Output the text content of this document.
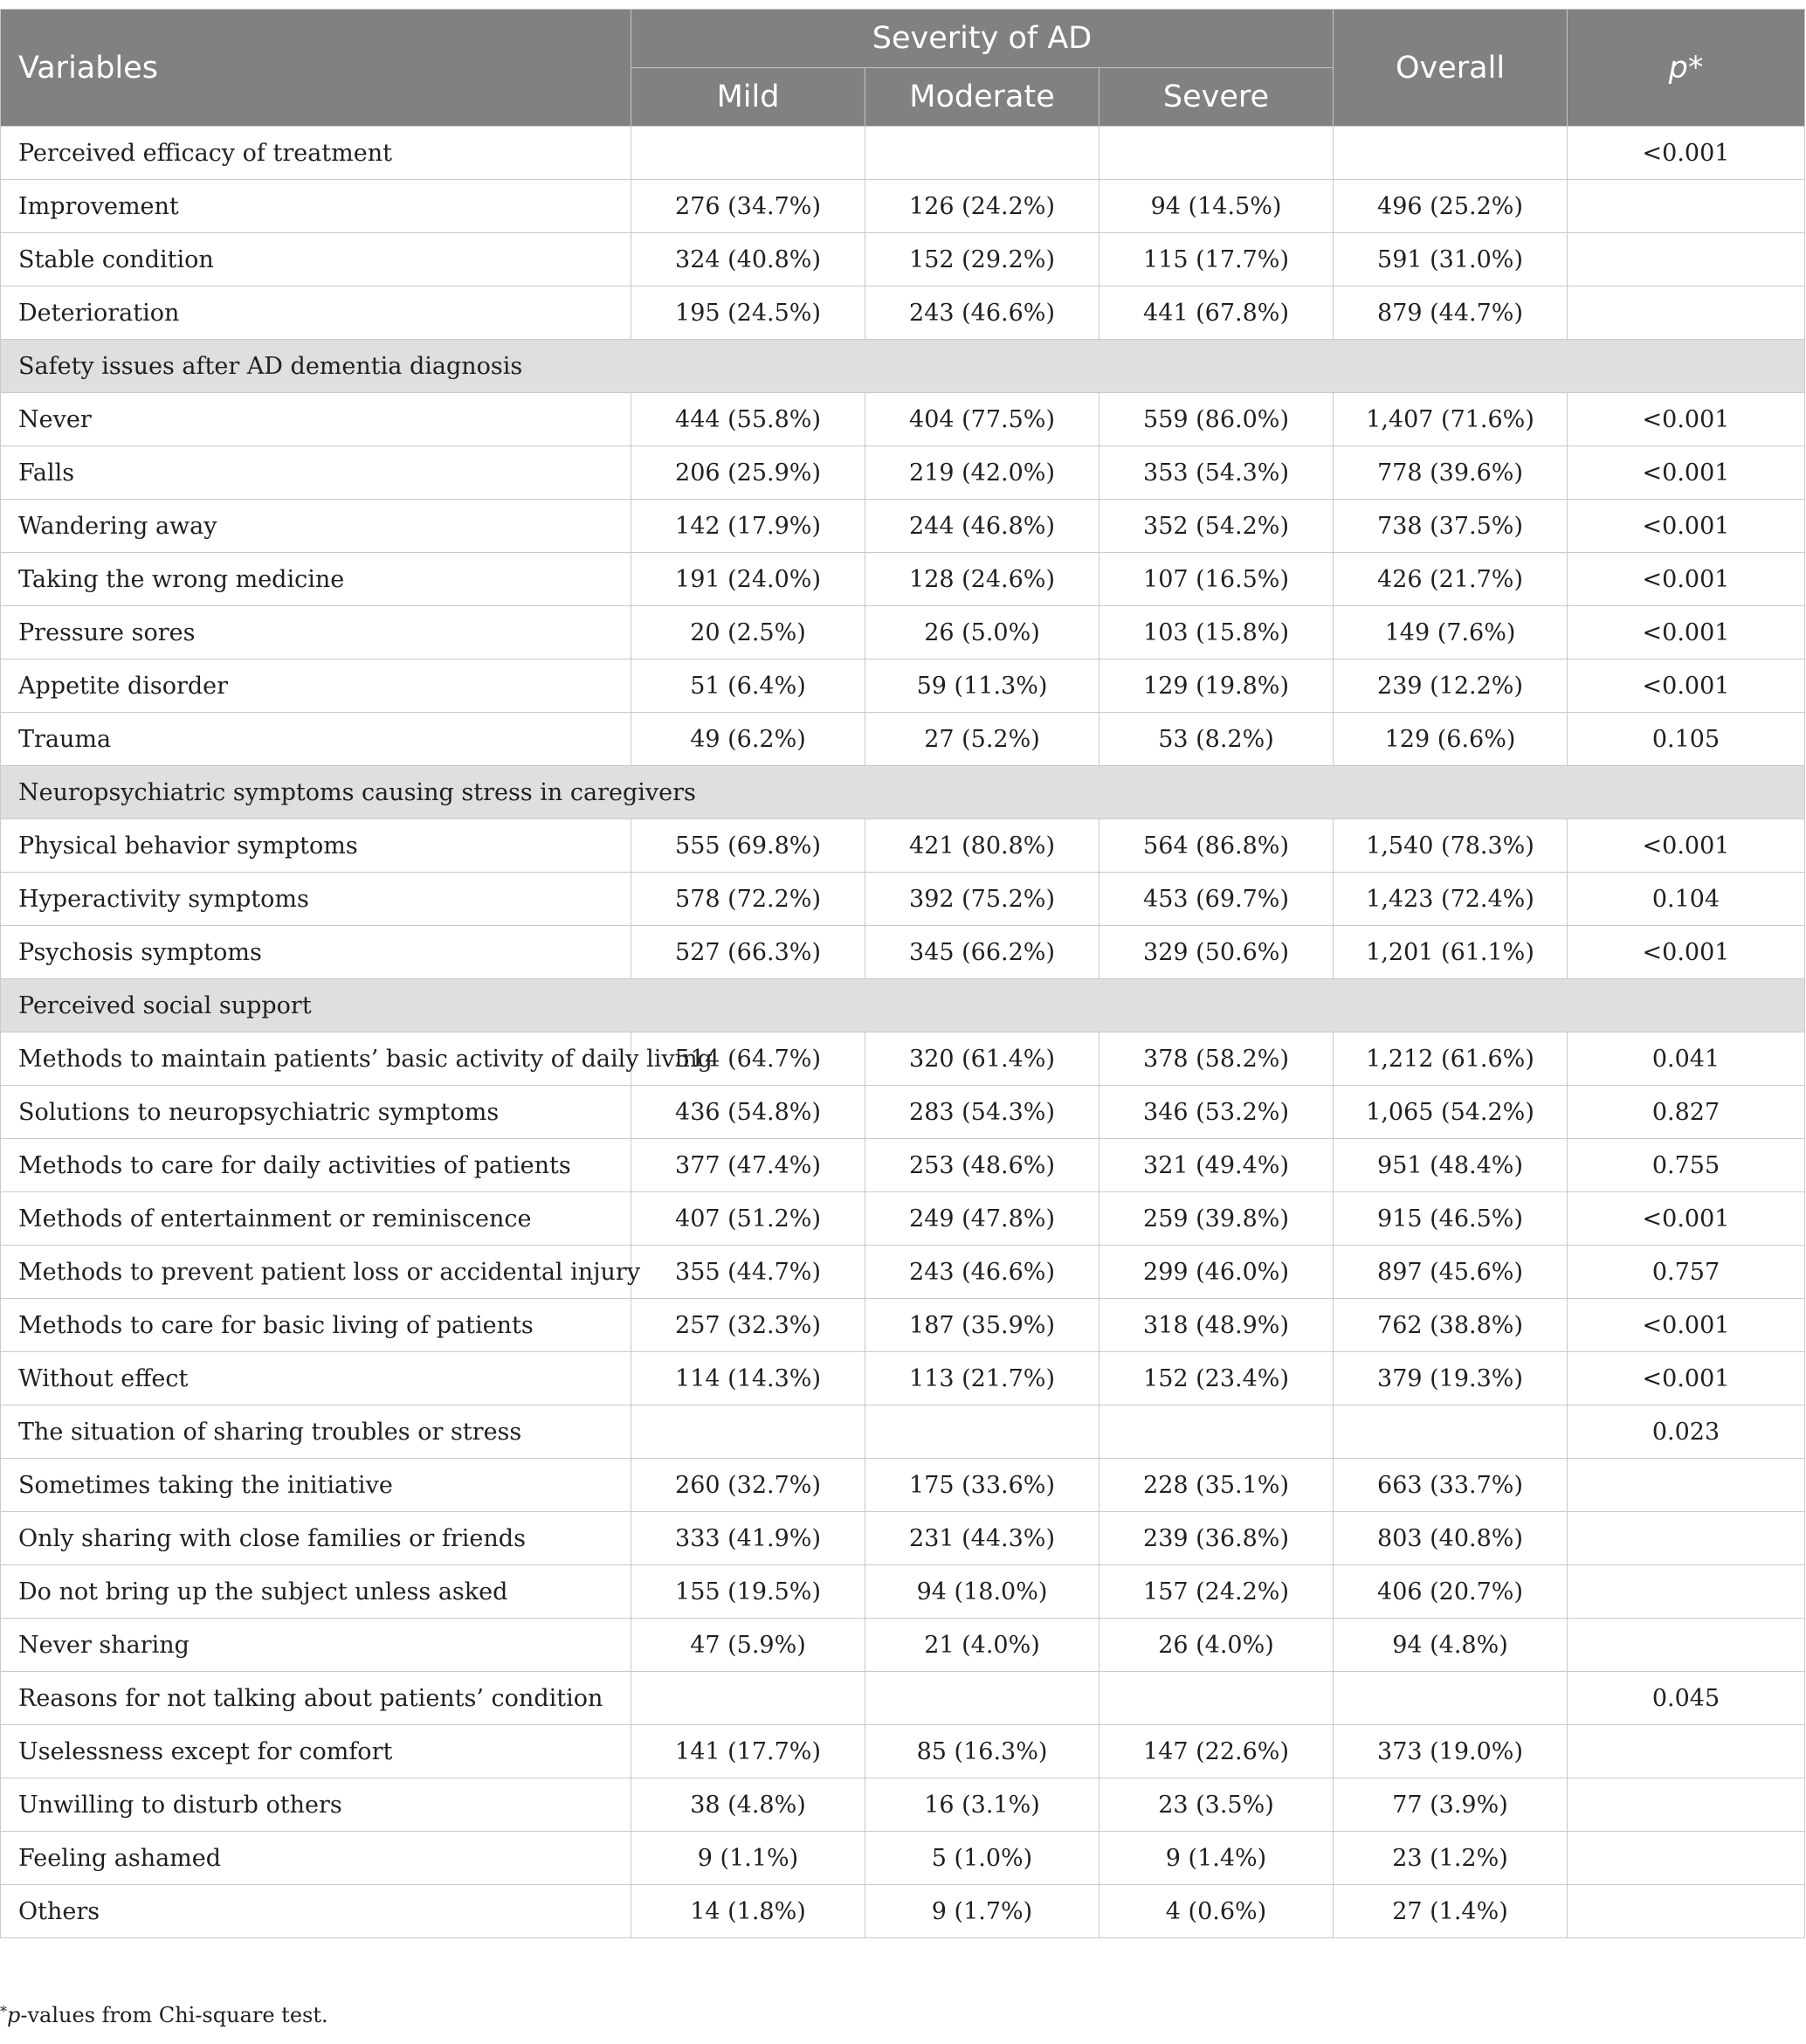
Variables	Severity of AD			Overall	p*
	Mild	Moderate	Severe		
Perceived efficacy of treatment					<0.001
Improvement	276 (34.7%)	126 (24.2%)	94 (14.5%)	496 (25.2%)	
Stable condition	324 (40.8%)	152 (29.2%)	115 (17.7%)	591 (31.0%)	
Deterioration	195 (24.5%)	243 (46.6%)	441 (67.8%)	879 (44.7%)	
Safety issues after AD dementia diagnosis					
Never	444 (55.8%)	404 (77.5%)	559 (86.0%)	1,407 (71.6%)	<0.001
Falls	206 (25.9%)	219 (42.0%)	353 (54.3%)	778 (39.6%)	<0.001
Wandering away	142 (17.9%)	244 (46.8%)	352 (54.2%)	738 (37.5%)	<0.001
Taking the wrong medicine	191 (24.0%)	128 (24.6%)	107 (16.5%)	426 (21.7%)	<0.001
Pressure sores	20 (2.5%)	26 (5.0%)	103 (15.8%)	149 (7.6%)	<0.001
Appetite disorder	51 (6.4%)	59 (11.3%)	129 (19.8%)	239 (12.2%)	<0.001
Trauma	49 (6.2%)	27 (5.2%)	53 (8.2%)	129 (6.6%)	0.105
Neuropsychiatric symptoms causing stress in caregivers					
Physical behavior symptoms	555 (69.8%)	421 (80.8%)	564 (86.8%)	1,540 (78.3%)	<0.001
Hyperactivity symptoms	578 (72.2%)	392 (75.2%)	453 (69.7%)	1,423 (72.4%)	0.104
Psychosis symptoms	527 (66.3%)	345 (66.2%)	329 (50.6%)	1,201 (61.1%)	<0.001
Perceived social support					
Methods to maintain patients’ basic activity of daily living	514 (64.7%)	320 (61.4%)	378 (58.2%)	1,212 (61.6%)	0.041
Solutions to neuropsychiatric symptoms	436 (54.8%)	283 (54.3%)	346 (53.2%)	1,065 (54.2%)	0.827
Methods to care for daily activities of patients	377 (47.4%)	253 (48.6%)	321 (49.4%)	951 (48.4%)	0.755
Methods of entertainment or reminiscence	407 (51.2%)	249 (47.8%)	259 (39.8%)	915 (46.5%)	<0.001
Methods to prevent patient loss or accidental injury	355 (44.7%)	243 (46.6%)	299 (46.0%)	897 (45.6%)	0.757
Methods to care for basic living of patients	257 (32.3%)	187 (35.9%)	318 (48.9%)	762 (38.8%)	<0.001
Without effect	114 (14.3%)	113 (21.7%)	152 (23.4%)	379 (19.3%)	<0.001
The situation of sharing troubles or stress					0.023
Sometimes taking the initiative	260 (32.7%)	175 (33.6%)	228 (35.1%)	663 (33.7%)	
Only sharing with close families or friends	333 (41.9%)	231 (44.3%)	239 (36.8%)	803 (40.8%)	
Do not bring up the subject unless asked	155 (19.5%)	94 (18.0%)	157 (24.2%)	406 (20.7%)	
Never sharing	47 (5.9%)	21 (4.0%)	26 (4.0%)	94 (4.8%)	
Reasons for not talking about patients’ condition					0.045
Uselessness except for comfort	141 (17.7%)	85 (16.3%)	147 (22.6%)	373 (19.0%)	
Unwilling to disturb others	38 (4.8%)	16 (3.1%)	23 (3.5%)	77 (3.9%)	
Feeling ashamed	9 (1.1%)	5 (1.0%)	9 (1.4%)	23 (1.2%)	
Others	14 (1.8%)	9 (1.7%)	4 (0.6%)	27 (1.4%)	
*p-values from Chi-square test.
